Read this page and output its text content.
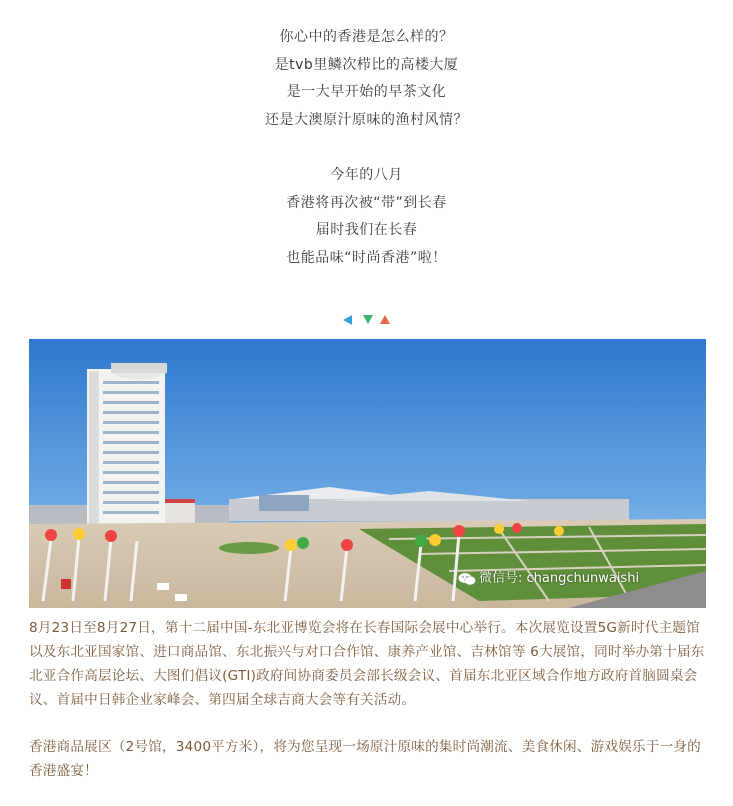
你心中的香港是怎么样的？
是tvb里鳞次栉比的高楼大厦
是一大早开始的早茶文化
还是大澳原汁原味的渔村风情？
今年的八月
香港将再次被“带”到长春
届时我们在长春
也能品味“时尚香港”啦！

微信号: changchunwaishi
8月23日至8月27日，第十二届中国-东北亚博览会将在长春国际会展中心举行。本次展览设置5G新时代主题馆以及东北亚国家馆、进口商品馆、东北振兴与对口合作馆、康养产业馆、吉林馆等 6大展馆，同时举办第十届东北亚合作高层论坛、大图们倡议(GTI)政府间协商委员会部长级会议、首届东北亚区域合作地方政府首脑圆桌会议、首届中日韩企业家峰会、第四届全球吉商大会等有关活动。
香港商品展区（2号馆，3400平方米），将为您呈现一场原汁原味的集时尚潮流、美食休闲、游戏娱乐于一身的香港盛宴！
